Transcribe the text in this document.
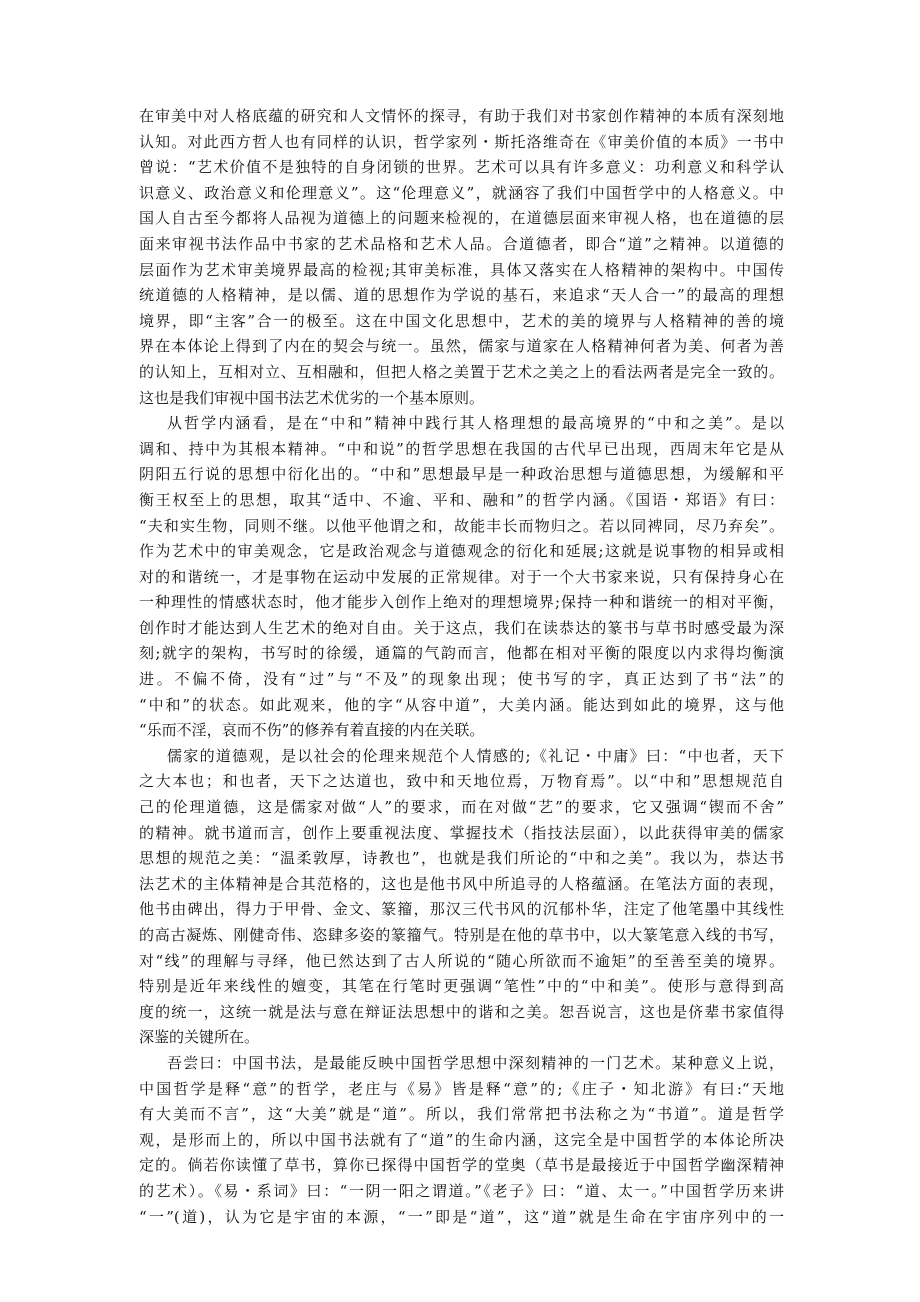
在审美中对人格底蕴的研究和人文情怀的探寻，有助于我们对书家创作精神的本质有深刻地
认知。对此西方哲人也有同样的认识，哲学家列・斯托洛维奇在《审美价值的本质》一书中
曾说：“艺术价值不是独特的自身闭锁的世界。艺术可以具有许多意义：功利意义和科学认
识意义、政治意义和伦理意义”。这“伦理意义”，就涵容了我们中国哲学中的人格意义。中
国人自古至今都将人品视为道德上的问题来检视的，在道德层面来审视人格，也在道德的层
面来审视书法作品中书家的艺术品格和艺术人品。合道德者，即合“道”之精神。以道德的
层面作为艺术审美境界最高的检视;其审美标准，具体又落实在人格精神的架构中。中国传
统道德的人格精神，是以儒、道的思想作为学说的基石，来追求“天人合一”的最高的理想
境界，即“主客”合一的极至。这在中国文化思想中，艺术的美的境界与人格精神的善的境
界在本体论上得到了内在的契会与统一。虽然，儒家与道家在人格精神何者为美、何者为善
的认知上，互相对立、互相融和，但把人格之美置于艺术之美之上的看法两者是完全一致的。
这也是我们审视中国书法艺术优劣的一个基本原则。
从哲学内涵看，是在“中和”精神中践行其人格理想的最高境界的“中和之美”。是以
调和、持中为其根本精神。“中和说”的哲学思想在我国的古代早已出现，西周末年它是从
阴阳五行说的思想中衍化出的。“中和”思想最早是一种政治思想与道德思想，为缓解和平
衡王权至上的思想，取其“适中、不逾、平和、融和”的哲学内涵。《国语・郑语》有曰：
“夫和实生物，同则不继。以他平他谓之和，故能丰长而物归之。若以同裨同，尽乃弃矣”。
作为艺术中的审美观念，它是政治观念与道德观念的衍化和延展;这就是说事物的相异或相
对的和谐统一，才是事物在运动中发展的正常规律。对于一个大书家来说，只有保持身心在
一种理性的情感状态时，他才能步入创作上绝对的理想境界;保持一种和谐统一的相对平衡，
创作时才能达到人生艺术的绝对自由。关于这点，我们在读恭达的篆书与草书时感受最为深
刻;就字的架构，书写时的徐缓，通篇的气韵而言，他都在相对平衡的限度以内求得均衡演
进。不偏不倚，没有“过”与“不及”的现象出现；使书写的字，真正达到了书“法”的
“中和”的状态。如此观来，他的字“从容中道”，大美内涵。能达到如此的境界，这与他
“乐而不淫，哀而不伤”的修养有着直接的内在关联。
儒家的道德观，是以社会的伦理来规范个人情感的;《礼记・中庸》曰：“中也者，天下
之大本也；和也者，天下之达道也，致中和天地位焉，万物育焉”。以“中和”思想规范自
己的伦理道德，这是儒家对做“人”的要求，而在对做“艺”的要求，它又强调“锲而不舍”
的精神。就书道而言，创作上要重视法度、掌握技术（指技法层面），以此获得审美的儒家
思想的规范之美：“温柔敦厚，诗教也”，也就是我们所论的“中和之美”。我以为，恭达书
法艺术的主体精神是合其范格的，这也是他书风中所追寻的人格蕴涵。在笔法方面的表现，
他书由碑出，得力于甲骨、金文、篆籀，那汉三代书风的沉郁朴华，注定了他笔墨中其线性
的高古凝炼、刚健奇伟、恣肆多姿的篆籀气。特别是在他的草书中，以大篆笔意入线的书写，
对“线”的理解与寻绎，他已然达到了古人所说的“随心所欲而不逾矩”的至善至美的境界。
特别是近年来线性的嬗变，其笔在行笔时更强调“笔性”中的“中和美”。使形与意得到高
度的统一，这统一就是法与意在辩证法思想中的谐和之美。恕吾说言，这也是侪辈书家值得
深鉴的关键所在。
吾尝曰：中国书法，是最能反映中国哲学思想中深刻精神的一门艺术。某种意义上说，
中国哲学是释“意”的哲学，老庄与《易》皆是释“意”的;《庄子・知北游》有曰:“天地
有大美而不言”，这“大美”就是“道”。所以，我们常常把书法称之为“书道”。道是哲学
观，是形而上的，所以中国书法就有了“道”的生命内涵，这完全是中国哲学的本体论所决
定的。倘若你读懂了草书，算你已探得中国哲学的堂奥（草书是最接近于中国哲学幽深精神
的艺术）。《易・系词》曰：“一阴一阳之谓道。”《老子》曰：“道、太一。”中国哲学历来讲
“一”(道)，认为它是宇宙的本源，“一”即是“道”，这“道”就是生命在宇宙序列中的一
